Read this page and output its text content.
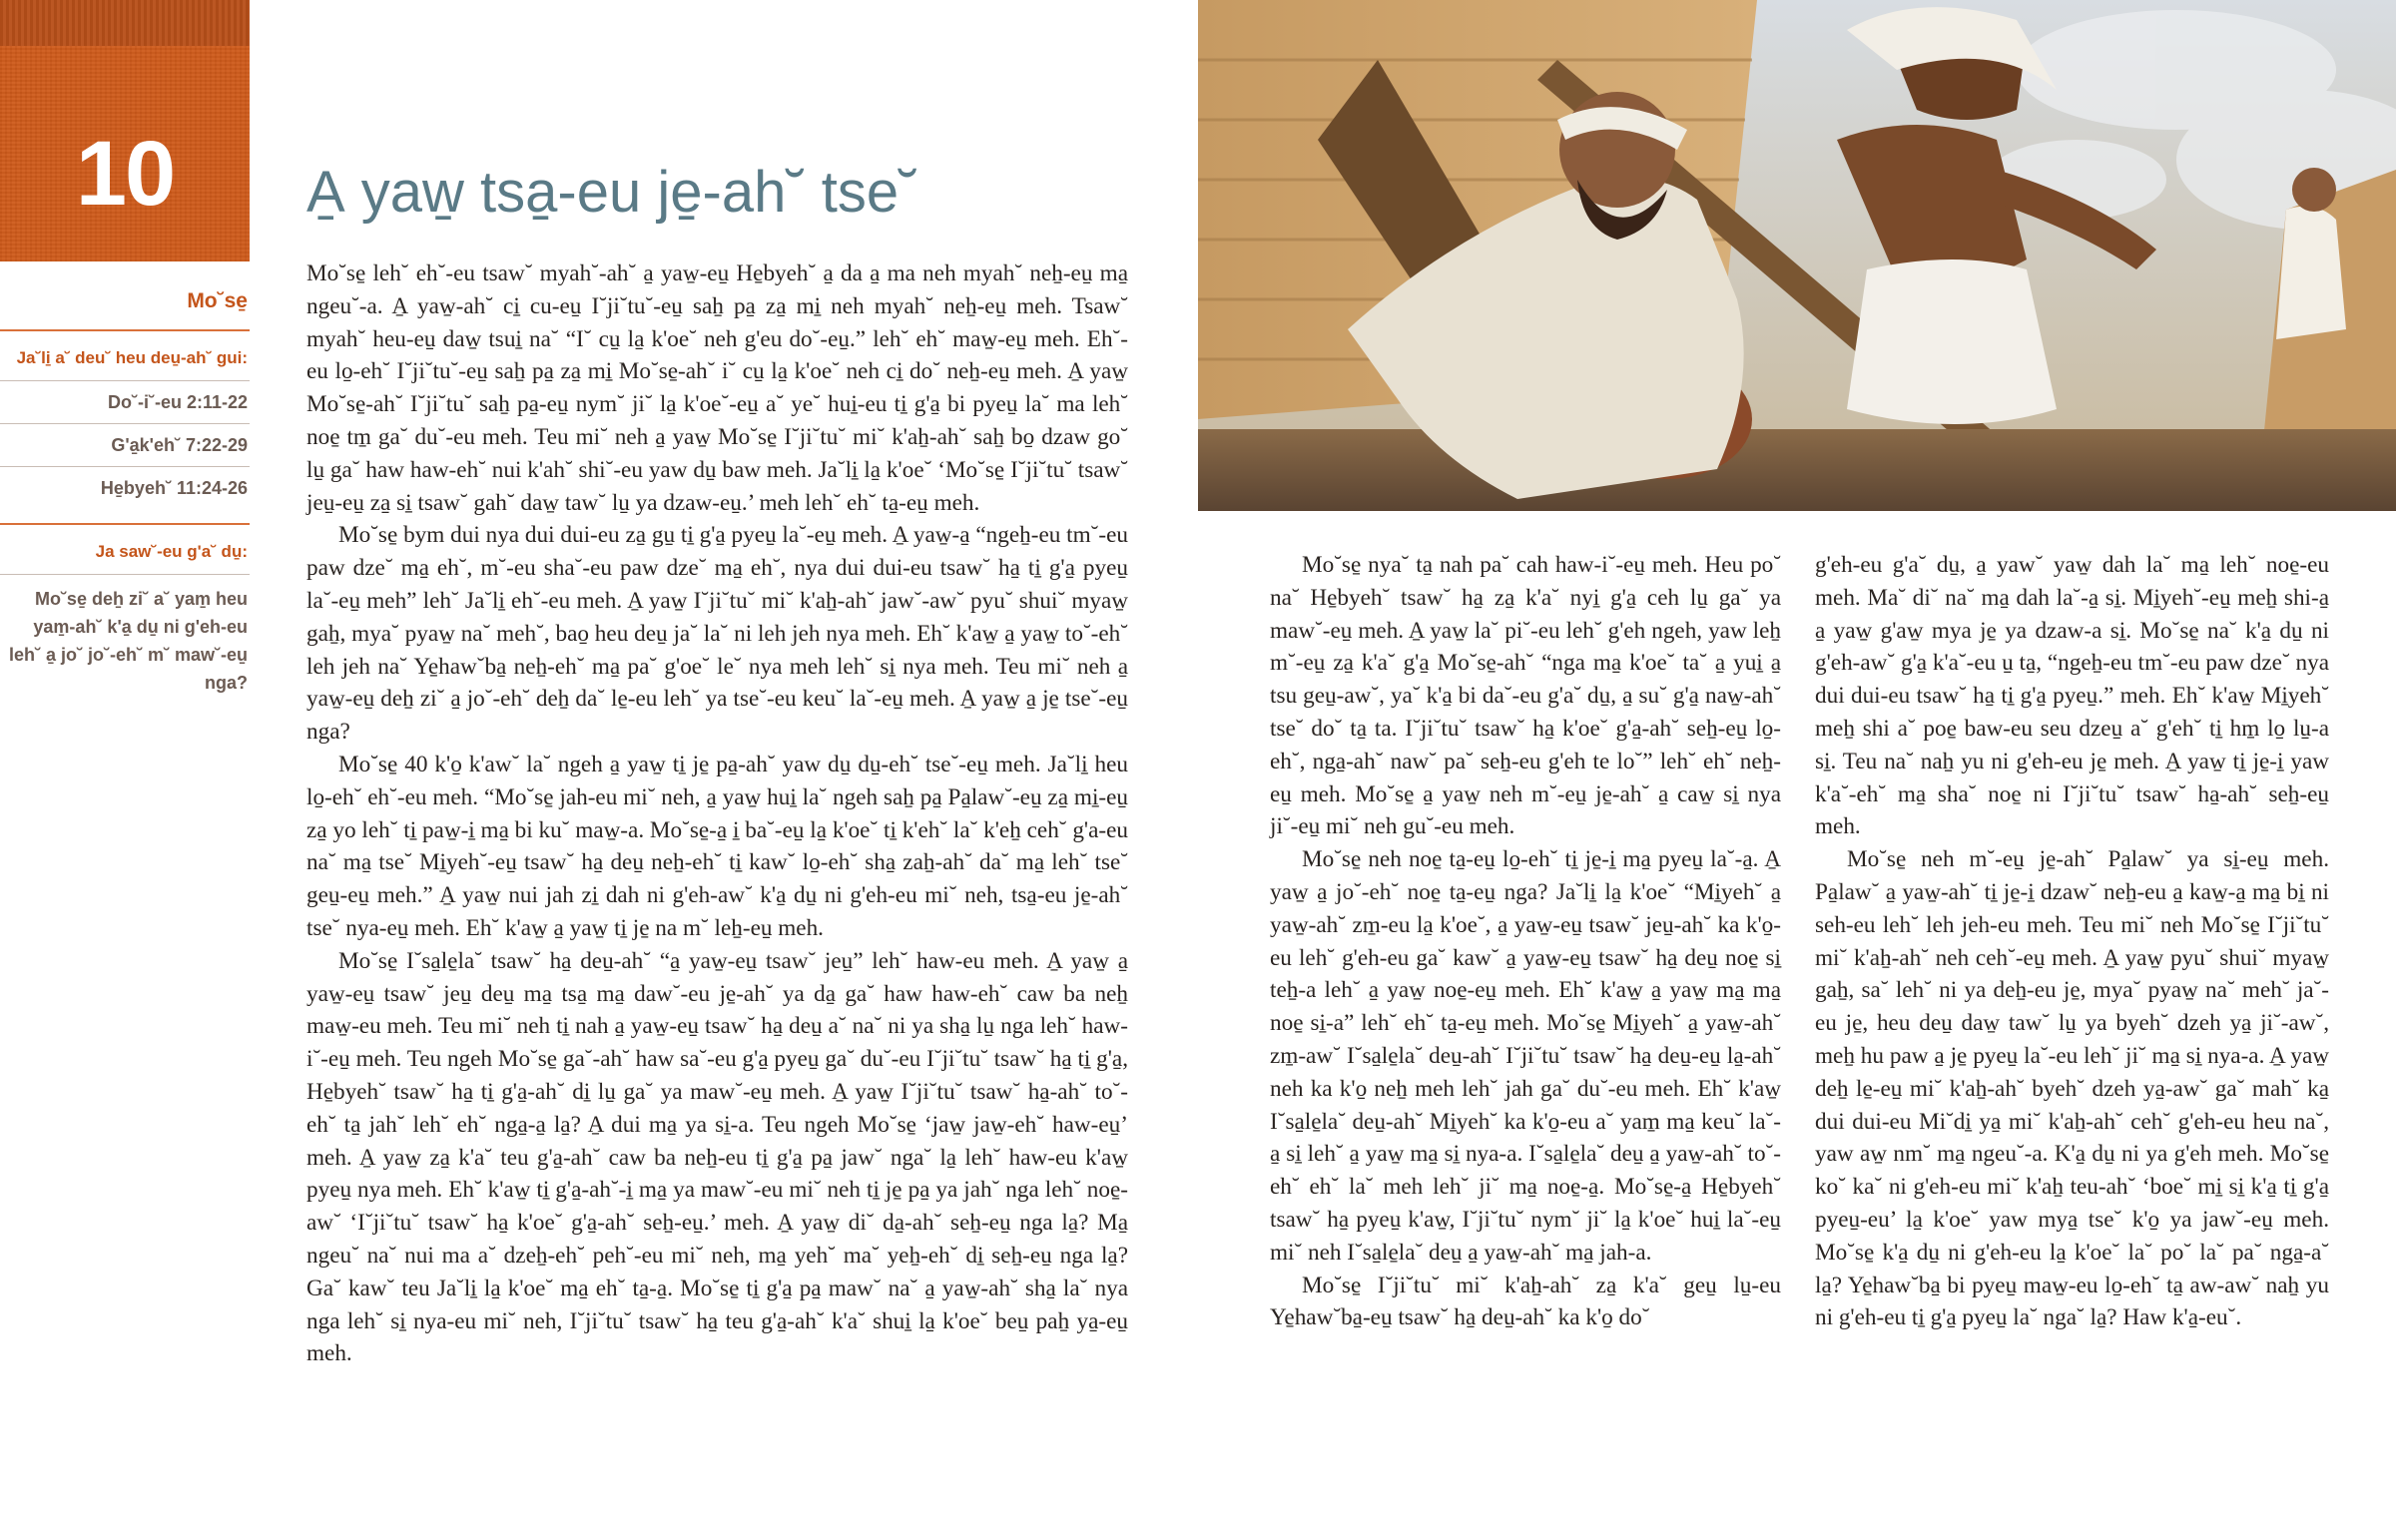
10
Mo˘se̱
Ja˘li̱ a˘ deu˘ heu deu̱-ah˘ gui:
Do˘-i˘-eu 2:11-22
G'a̱k'eh˘ 7:22-29
He̱byeh˘ 11:24-26
Ja saw˘-eu g'a˘ du̱:
Mo˘se̱ deẖ zi˘ a˘ yam̱ heu yam̱-ah˘ k'a̱ du̱ ni g'eh-eu leh˘ a̱ jo˘ jo˘-eh˘ m˘ maw˘-eu̱ nga?
A̱ yaw̱ tsa̱-eu je̱-ah˘ tse˘

Mo˘se̱ leh˘ eh˘-eu tsaw˘ myah˘-ah˘ a̱ yaw̱-eu̱ He̱byeh˘ a̱ da a̱ ma neh myah˘ neẖ-eu̱ ma̱ ngeu˘-a. A̱ yaw̱-ah˘ ci̱ cu-eu̱ I˘ji˘tu˘-eu̱ saẖ pa̱ za̱ mi̱ neh myah˘ neẖ-eu̱ meh. Tsaw˘ myah˘ heu-eu̱ daw̱ tsui̱ na˘ “I˘ cu̱ la̱ k'oe˘ neh g'eu do˘-eu̱.” leh˘ eh˘ maw̱-eu̱ meh. Eh˘-eu lo̱-eh˘ I˘ji˘tu˘-eu̱ saẖ pa̱ za̱ mi̱ Mo˘se̱-ah˘ i˘ cu̱ la̱ k'oe˘ neh ci̱ do˘ neẖ-eu̱ meh. A̱ yaw̱ Mo˘se̱-ah˘ I˘ji˘tu˘ saẖ pa̱-eu̱ nym˘ ji˘ la̱ k'oe˘-eu̱ a˘ ye˘ hui̱-eu ti̱ g'a̱ bi pyeu̱ la˘ ma leh˘ noe̱ tm̱ ga˘ du˘-eu meh. Teu mi˘ neh a̱ yaw̱ Mo˘se̱ I˘ji˘tu˘ mi˘ k'aẖ-ah˘ saẖ bo̱ dzaw go˘ lu̱ ga˘ haw haw-eh˘ nui k'ah˘ shi˘-eu yaw du̱ baw meh. Ja˘li̱ la̱ k'oe˘ ‘Mo˘se̱ I˘ji˘tu˘ tsaw˘ jeu̱-eu̱ za̱ si̱ tsaw˘ gah˘ daw̱ taw˘ lu̱ ya dzaw-eu̱.’ meh leh˘ eh˘ ta̱-eu̱ meh.

Mo˘se̱ bym dui nya dui dui-eu za̱ gu̱ ti̱ g'a̱ pyeu̱ la˘-eu̱ meh. A̱ yaw̱-a̱ “ngeẖ-eu tm˘-eu paw dze˘ ma̱ eh˘, m˘-eu sha˘-eu paw dze˘ ma̱ eh˘, nya dui dui-eu tsaw˘ ha̱ ti̱ g'a̱ pyeu̱ la˘-eu̱ meh” leh˘ Ja˘li̱ eh˘-eu meh. A̱ yaw̱ I˘ji˘tu˘ mi˘ k'aẖ-ah˘ jaw˘-aw˘ pyu˘ shui˘ myaw̱ gaẖ, mya˘ pyaw̱ na˘ meh˘, bao̱ heu deu̱ ja˘ la˘ ni leh jeh nya meh. Eh˘ k'aw̱ a̱ yaw̱ to˘-eh˘ leh jeh na˘ Ye̱haw˘ba̱ neẖ-eh˘ ma̱ pa˘ g'oe˘ le˘ nya meh leh˘ si̱ nya meh. Teu mi˘ neh a̱ yaw̱-eu̱ deẖ zi˘ a̱ jo˘-eh˘ deẖ da˘ le̱-eu leh˘ ya tse˘-eu keu˘ la˘-eu̱ meh. A̱ yaw̱ a̱ je̱ tse˘-eu̱ nga?

Mo˘se̱ 40 k'o̱ k'aw˘ la˘ ngeh a̱ yaw̱ ti̱ je̱ pa̱-ah˘ yaw du̱ du̱-eh˘ tse˘-eu̱ meh. Ja˘li̱ heu lo̱-eh˘ eh˘-eu meh. “Mo˘se̱ jah-eu mi˘ neh, a̱ yaw̱ hui̱ la˘ ngeh saẖ pa̱ Pa̱law˘-eu̱ za̱ mi̱-eu̱ za̱ yo leh˘ ti̱ paw̱-i̱ ma̱ bi ku˘ maw̱-a. Mo˘se̱-a̱ i̱ ba˘-eu̱ la̱ k'oe˘ ti̱ k'eh˘ la˘ k'eẖ ceh˘ g'a-eu na˘ ma̱ tse˘ Mi̱yeh˘-eu̱ tsaw˘ ha̱ deu̱ neẖ-eh˘ ti̱ kaw˘ lo̱-eh˘ sha̱ zaẖ-ah˘ da˘ ma̱ leh˘ tse˘ geu̱-eu̱ meh.” A̱ yaw̱ nui jah zi̱ dah ni g'eh-aw˘ k'a̱ du̱ ni g'eh-eu mi˘ neh, tsa̱-eu je̱-ah˘ tse˘ nya-eu̱ meh. Eh˘ k'aw̱ a̱ yaw̱ ti̱ je̱ na m˘ leẖ-eu̱ meh.

Mo˘se̱ I˘sa̱le̱la˘ tsaw˘ ha̱ deu̱-ah˘ “a̱ yaw̱-eu̱ tsaw˘ jeu̱” leh˘ haw-eu meh. A̱ yaw̱ a̱ yaw̱-eu̱ tsaw˘ jeu̱ deu̱ ma̱ tsa̱ ma̱ daw˘-eu je̱-ah˘ ya da̱ ga˘ haw haw-eh˘ caw ba neẖ maw̱-eu meh. Teu mi˘ neh ti̱ nah a̱ yaw̱-eu̱ tsaw˘ ha̱ deu̱ a˘ na˘ ni ya sha̱ lu̱ nga leh˘ haw-i˘-eu̱ meh. Teu ngeh Mo˘se̱ ga˘-ah˘ haw sa˘-eu g'a̱ pyeu̱ ga˘ du˘-eu I˘ji˘tu˘ tsaw˘ ha̱ ti̱ g'a̱, He̱byeh˘ tsaw˘ ha̱ ti̱ g'a̱-ah˘ di̱ lu̱ ga˘ ya maw˘-eu̱ meh. A̱ yaw̱ I˘ji˘tu˘ tsaw˘ ha̱-ah˘ to˘-eh˘ ta̱ jah˘ leh˘ eh˘ nga̱-a̱ la̱? A̱ dui ma̱ ya si̱-a. Teu ngeh Mo˘se̱ ‘jaw̱ jaw̱-eh˘ haw-eu̱’ meh. A̱ yaw̱ za̱ k'a˘ teu g'a̱-ah˘ caw ba neẖ-eu ti̱ g'a̱ pa̱ jaw˘ nga˘ la̱ leh˘ haw-eu k'aw̱ pyeu̱ nya meh. Eh˘ k'aw̱ ti̱ g'a̱-ah˘-i̱ ma̱ ya maw˘-eu mi˘ neh ti̱ je̱ pa̱ ya jah˘ nga leh˘ noe̱-aw˘ ‘I˘ji˘tu˘ tsaw˘ ha̱ k'oe˘ g'a̱-ah˘ seẖ-eu̱.’ meh. A̱ yaw̱ di˘ da̱-ah˘ seẖ-eu̱ nga la̱? Ma̱ ngeu˘ na˘ nui ma a˘ dzeẖ-eh˘ peh˘-eu mi˘ neh, ma̱ yeh˘ ma˘ yeẖ-eh˘ di̱ seẖ-eu̱ nga la̱? Ga˘ kaw˘ teu Ja˘li̱ la̱ k'oe˘ ma̱ eh˘ ta̱-a̱. Mo˘se̱ ti̱ g'a̱ pa̱ maw˘ na˘ a̱ yaw̱-ah˘ sha̱ la˘ nya nga leh˘ si̱ nya-eu mi˘ neh, I˘ji˘tu˘ tsaw˘ ha̱ teu g'a̱-ah˘ k'a˘ shui̱ la̱ k'oe˘ beu̱ paẖ ya̱-eu̱ meh.

Mo˘se̱ nya˘ ta̱ nah pa˘ cah haw-i˘-eu̱ meh. Heu po˘ na˘ He̱byeh˘ tsaw˘ ha̱ za̱ k'a˘ nyi̱ g'a̱ ceh lu̱ ga˘ ya maw˘-eu̱ meh. A̱ yaw̱ la˘ pi˘-eu leh˘ g'eh ngeh, yaw leẖ m˘-eu̱ za̱ k'a˘ g'a̱ Mo˘se̱-ah˘ “nga ma̱ k'oe˘ ta˘ a̱ yui̱ a̱ tsu geu̱-aw˘, ya˘ k'a̱ bi da˘-eu g'a˘ du̱, a̱ su˘ g'a̱ naw̱-ah˘ tse˘ do˘ ta̱ ta. I˘ji˘tu˘ tsaw˘ ha̱ k'oe˘ g'a̱-ah˘ seẖ-eu̱ lo̱-eh˘, nga̱-ah˘ naw˘ pa˘ seẖ-eu g'eh te lo˘” leh˘ eh˘ neẖ-eu̱ meh. Mo˘se̱ a̱ yaw̱ neh m˘-eu̱ je̱-ah˘ a̱ caw̱ si̱ nya ji˘-eu̱ mi˘ neh gu˘-eu meh.

Mo˘se̱ neh noe̱ ta̱-eu̱ lo̱-eh˘ ti̱ je̱-i̱ ma̱ pyeu̱ la˘-a̱. A̱ yaw̱ a̱ jo˘-eh˘ noe̱ ta̱-eu̱ nga? Ja˘li̱ la̱ k'oe˘ “Mi̱yeh˘ a̱ yaw̱-ah˘ zm̱-eu la̱ k'oe˘, a̱ yaw̱-eu̱ tsaw˘ jeu̱-ah˘ ka k'o̱-eu leh˘ g'eh-eu ga˘ kaw˘ a̱ yaw̱-eu̱ tsaw˘ ha̱ deu̱ noe̱ si̱ teẖ-a leh˘ a̱ yaw̱ noe̱-eu̱ meh. Eh˘ k'aw̱ a̱ yaw̱ ma̱ ma̱ noe̱ si̱-a” leh˘ eh˘ ta̱-eu̱ meh. Mo˘se̱ Mi̱yeh˘ a̱ yaw̱-ah˘ zm̱-aw˘ I˘sa̱le̱la˘ deu̱-ah˘ I˘ji˘tu˘ tsaw˘ ha̱ deu̱-eu̱ la̱-ah˘ neh ka k'o̱ neẖ meh leh˘ jah ga˘ du˘-eu meh. Eh˘ k'aw̱ I˘sa̱le̱la˘ deu̱-ah˘ Mi̱yeh˘ ka k'o̱-eu a˘ yam̱ ma̱ keu˘ la˘-a̱ si̱ leh˘ a̱ yaw̱ ma̱ si̱ nya-a. I˘sa̱le̱la˘ deu̱ a̱ yaw̱-ah˘ to˘-eh˘ eh˘ la˘ meh leh˘ ji˘ ma̱ noe̱-a̱. Mo˘se̱-a̱ He̱byeh˘ tsaw˘ ha̱ pyeu̱ k'aw̱, I˘ji˘tu˘ nym˘ ji˘ la̱ k'oe˘ hui̱ la˘-eu̱ mi˘ neh I˘sa̱le̱la˘ deu̱ a̱ yaw̱-ah˘ ma̱ jah-a.

Mo˘se̱ I˘ji˘tu˘ mi˘ k'aẖ-ah˘ za̱ k'a˘ geu̱ lu̱-eu Ye̱haw˘ba̱-eu̱ tsaw˘ ha̱ deu̱-ah˘ ka k'o̱ do˘

g'eh-eu g'a˘ du̱, a̱ yaw˘ yaw̱ dah la˘ ma̱ leh˘ noe̱-eu meh. Ma˘ di˘ na˘ ma̱ dah la˘-a̱ si̱. Mi̱yeh˘-eu̱ meẖ shi-a̱ a̱ yaw̱ g'aw̱ mya je̱ ya dzaw-a si̱. Mo˘se̱ na˘ k'a̱ du̱ ni g'eh-aw˘ g'a̱ k'a˘-eu u̱ ta̱, “ngeẖ-eu tm˘-eu paw dze˘ nya dui dui-eu tsaw˘ ha̱ ti̱ g'a̱ pyeu̱.” meh. Eh˘ k'aw̱ Mi̱yeh˘ meẖ shi a˘ poe̱ baw-eu seu dzeu̱ a˘ g'eh˘ ti̱ hm̱ lo̱ lu̱-a si̱. Teu na˘ naẖ yu ni g'eh-eu je̱ meh. A̱ yaw̱ ti̱ je̱-i̱ yaw k'a˘-eh˘ ma̱ sha˘ noe̱ ni I˘ji˘tu˘ tsaw˘ ha̱-ah˘ seẖ-eu̱ meh.

Mo˘se̱ neh m˘-eu̱ je̱-ah˘ Pa̱law˘ ya si̱-eu̱ meh. Pa̱law˘ a̱ yaw̱-ah˘ ti̱ je̱-i̱ dzaw˘ neẖ-eu a̱ kaw̱-a̱ ma̱ bi̱ ni seh-eu leh˘ leh jeh-eu meh. Teu mi˘ neh Mo˘se̱ I˘ji˘tu˘ mi˘ k'aẖ-ah˘ neh ceh˘-eu̱ meh. A̱ yaw̱ pyu˘ shui˘ myaw̱ gaẖ, sa˘ leh˘ ni ya deẖ-eu je̱, mya˘ pyaw̱ na˘ meh˘ ja˘-eu je̱, heu deu̱ daw̱ taw˘ lu̱ ya byeh˘ dzeh ya̱ ji˘-aw˘, meẖ hu paw a̱ je̱ pyeu̱ la˘-eu leh˘ ji˘ ma̱ si̱ nya-a. A̱ yaw̱ deẖ le̱-eu̱ mi˘ k'aẖ-ah˘ byeh˘ dzeh ya̱-aw˘ ga˘ mah˘ ka̱ dui dui-eu Mi˘di̱ ya̱ mi˘ k'aẖ-ah˘ ceh˘ g'eh-eu heu na˘, yaw aw̱ nm˘ ma̱ ngeu˘-a. K'a̱ du̱ ni ya g'eh meh. Mo˘se̱ ko˘ ka˘ ni g'eh-eu mi˘ k'aẖ teu-ah˘ ‘boe˘ mi̱ si̱ k'a̱ ti̱ g'a̱ pyeu̱-eu’ la̱ k'oe˘ yaw mya̱ tse˘ k'o̱ ya jaw˘-eu̱ meh. Mo˘se̱ k'a̱ du̱ ni g'eh-eu la̱ k'oe˘ la˘ po˘ la˘ pa˘ nga̱-a˘ la̱? Ye̱haw˘ba̱ bi pyeu̱ maw̱-eu lo̱-eh˘ ta̱ aw-aw˘ naẖ yu ni g'eh-eu ti̱ g'a̱ pyeu̱ la˘ nga˘ la̱? Haw k'a̱-eu˘.
